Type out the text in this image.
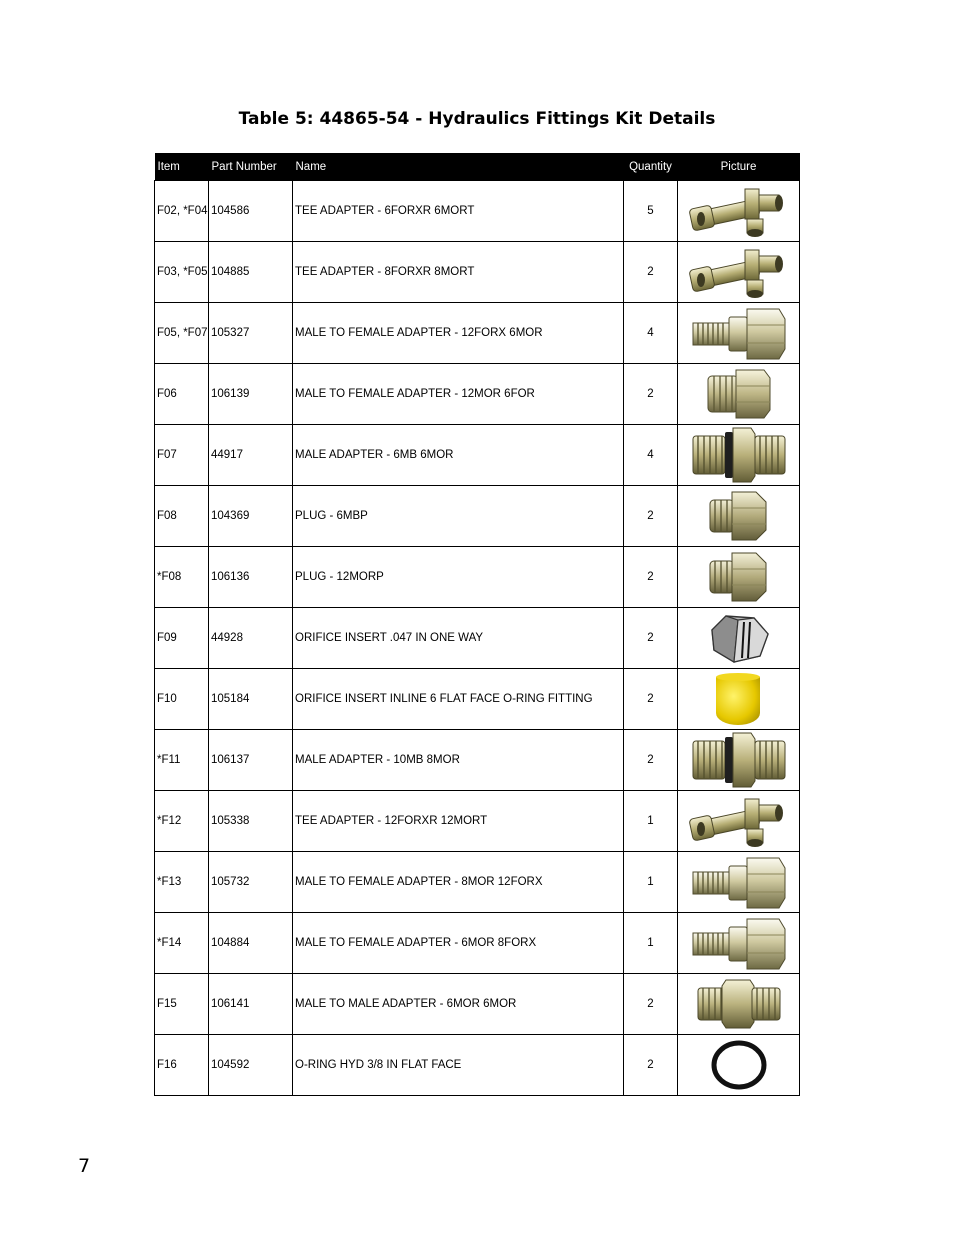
Table 5: 44865-54 - Hydraulics Fittings Kit Details
Item	Part Number	Name	Quantity	Picture
F02, *F04	104586	TEE ADAPTER - 6FORXR 6MORT	5	

F03, *F05	104885	TEE ADAPTER - 8FORXR 8MORT	2	

F05, *F07	105327	MALE TO FEMALE ADAPTER - 12FORX 6MOR	4	

F06	106139	MALE TO FEMALE ADAPTER - 12MOR 6FOR	2	

F07	44917	MALE ADAPTER - 6MB 6MOR	4	

F08	104369	PLUG - 6MBP	2	

*F08	106136	PLUG - 12MORP	2	

F09	44928	ORIFICE INSERT .047 IN ONE WAY	2	

F10	105184	ORIFICE INSERT INLINE 6 FLAT FACE O-RING FITTING	2	

*F11	106137	MALE ADAPTER - 10MB 8MOR	2	

*F12	105338	TEE ADAPTER - 12FORXR 12MORT	1	

*F13	105732	MALE TO FEMALE ADAPTER - 8MOR 12FORX	1	

*F14	104884	MALE TO FEMALE ADAPTER - 6MOR 8FORX	1	

F15	106141	MALE TO MALE ADAPTER - 6MOR 6MOR	2	

F16	104592	O-RING HYD 3/8 IN FLAT FACE	2	
7
